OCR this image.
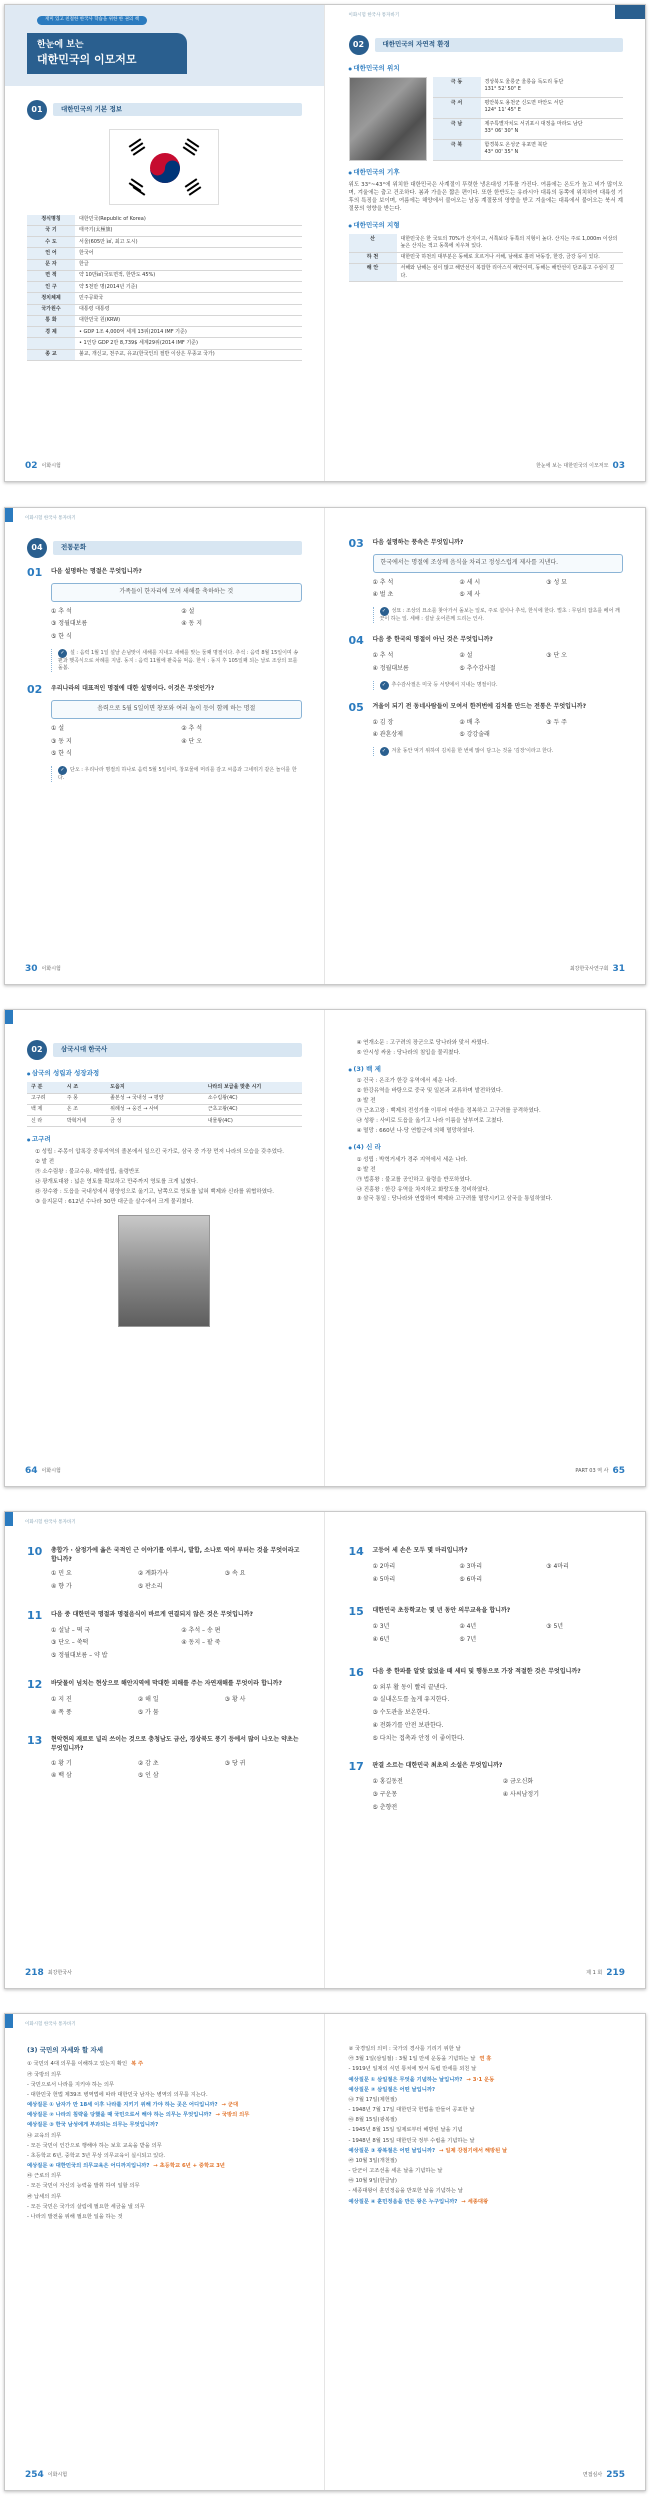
재미 있고 친절한 한국사 학습을 위한 한 권의 책
한눈에 보는
대한민국의 이모저모
01	대한민국의 기본 정보
정식명칭	대한민국(Republic of Korea)
국 기	태극기(太極旗)
수 도	서울(605만 ㎢, 최고 도시)
언 어	한국어
문 자	한글
면 적	약 10만㎢(국토면적, 한반도 45%)
인 구	약 5천만 명(2014년 기준)
정치체제	민주공화국
국가원수	대통령 대통령
통 화	대한민국 원(KRW)
경 제	• GDP 1조 4,000억 세계 13위(2014 IMF 기준)
	• 1인당 GDP 2만 8,739$ 세계29위(2014 IMF 기준)
종 교	불교, 개신교, 천주교, 유교(한국인의 절반 이상은 무종교 국가)
02 이화시험
이화시험 한국사 통자바기
02	대한민국의 자연적 환경
● 대한민국의 위치
극 동	경상북도 울릉군 울릉읍 독도리 동단
131° 52' 50" E
극 서	평안북도 용천군 신도면 마안도 서단
124° 11' 45" E
극 남	제주특별자치도 서귀포시 대정읍 마라도 남단
33° 06' 30" N
극 북	함경북도 온성군 유포면 북단
43° 00' 35" N
● 대한민국의 기후
위도 33°~43°에 위치한 대한민국은 사계절이 뚜렷한 냉온대성 기후를 가진다. 여름에는 온도가 높고 비가 많이오며, 겨울에는 춥고 건조하다. 봄과 가을은 짧은 편이다. 또한 한반도는 유라시아 대륙의 동쪽에 위치하여 대륙성 기후의 특징을 보이며, 여름에는 해양에서 불어오는 남동 계절풍의 영향을 받고 겨울에는 대륙에서 불어오는 북서 계절풍의 영향을 받는다.
● 대한민국의 지형
산	대한민국은 한 국토의 70%가 산지이고, 서쪽보다 동쪽의 지형이 높다. 산지는 주로 1,000m 이상의 높은 산지는 적고 동쪽에 치우쳐 있다.
하 천	대한민국 하천의 대부분은 동해로 흐르거나 서해, 남해로 흘러 낙동강, 한강, 금강 등이 있다.
해 안	서해와 남해는 섬이 많고 해안선이 복잡한 리아스식 해안이며, 동해는 해안선이 단조롭고 수심이 깊다.
한눈에 보는 대한민국의 이모저모 03
이화시험 한국사 통자바기
04	전통문화
01	다음 설명하는 명절은 무엇입니까?
가족들이 한자리에 모여 새해를 축하하는 것
① 추 석	② 설
③ 정월대보름	④ 동 지
⑤ 한 식
✓ 설 : 음력 1월 1일 설날 손님맞이 새해를 지내고 새해를 맞는 둘째 명절이다. 추석 : 음력 8월 15일이며 송편과 햇곡식으로 차례를 지냄. 동지 : 음력 11월에 팥죽을 먹음. 한식 : 동지 후 105일째 되는 날로 조상의 묘를 돌봄.
02	우리나라의 대표적인 명절에 대한 설명이다. 이것은 무엇인가?
음력으로 5월 5일이면 창포와 여러 놀이 등이 함께 하는 명절
① 설	② 추 석
③ 동 지	④ 단 오
⑤ 한 식
✓ 단오 : 우리나라 명절의 하나로 음력 5월 5일이며, 창포물에 머리를 감고 씨름과 그네뛰기 같은 놀이를 한다.
30 이화시험
03	다음 설명하는 풍속은 무엇입니까?
한국에서는 명절에 조상께 음식을 차리고 정성스럽게 제사를 지낸다.
① 추 석	② 세 시	③ 성 묘
④ 벌 초	⑤ 제 사
✓ 성묘 : 조상의 묘소를 찾아가서 돌보는 일로, 주로 설이나 추석, 한식에 한다. 벌초 : 무덤의 잡초를 베어 깨끗이 하는 일. 세배 : 설날 웃어른께 드리는 인사.
04	다음 중 한국의 명절이 아닌 것은 무엇입니까?
① 추 석	② 설	③ 단 오
④ 정월대보름	⑤ 추수감사절
✓ 추수감사절은 미국 등 서양에서 지내는 명절이다.
05	겨울이 되기 전 동네사람들이 모여서 한꺼번에 김치를 만드는 전통은 무엇입니까?
① 김 장	② 배 추	③ 두 주
④ 관혼상제	⑤ 강강술래
✓ 겨울 동안 먹기 위하여 김치를 한 번에 많이 담그는 것을 '김장'이라고 한다.
최강한국사연구회 31
02	삼국시대 한국사
● 삼국의 성립과 성장과정
구 분	시 조	도읍지	나라의 보급을 맞춘 시기
고구려	주 몽	졸본성 → 국내성 → 평양	소수림왕(4C)
백 제	온 조	위례성 → 웅진 → 사비	근초고왕(4C)
신 라	박혁거세	금 성	내물왕(4C)
● 고구려
① 성립 : 주몽이 압록강 중류지역의 졸본에서 일으킨 국가로, 삼국 중 가장 먼저 나라의 모습을 갖추었다.
② 발 전
㉮ 소수림왕 : 불교수용, 태학설립, 율령반포
㉯ 광개토대왕 : 넓은 영토를 확보하고 만주까지 영토를 크게 넓혔다.
㉰ 장수왕 : 도읍을 국내성에서 평양성으로 옮기고, 남쪽으로 영토를 넓혀 백제와 신라를 위협하였다.
③ 을지문덕 : 612년 수나라 30만 대군을 살수에서 크게 물리쳤다.
64 이화시험
④ 연개소문 : 고구려의 장군으로 당나라와 맞서 싸웠다.
⑤ 안시성 싸움 : 당나라의 침입을 물리쳤다.
● (3) 백 제
① 건국 : 온조가 한강 유역에서 세운 나라.
② 한강유역을 바탕으로 중국 및 일본과 교류하며 발전하였다.
③ 발 전
㉮ 근초고왕 : 백제의 전성기를 이루어 마한을 정복하고 고구려를 공격하였다.
㉯ 성왕 : 사비로 도읍을 옮기고 나라 이름을 남부여로 고쳤다.
④ 멸망 : 660년 나·당 연합군에 의해 멸망하였다.
● (4) 신 라
① 성립 : 박혁거세가 경주 지역에서 세운 나라.
② 발 전
㉮ 법흥왕 : 불교를 공인하고 율령을 반포하였다.
㉯ 진흥왕 : 한강 유역을 차지하고 화랑도를 정비하였다.
③ 삼국 통일 : 당나라와 연합하여 백제와 고구려를 멸망시키고 삼국을 통일하였다.
PART 03 역 사 65
이화시험 한국사 통자바기
10	총합가 · 삼정가에 옳은 국적인 근 이야기를 이루시, 발합, 소나로 역어 부터는 것을 무엇이라고 합니까?
① 민 요	② 계화가사	③ 속 요
④ 향 가	⑤ 판소리
11	다음 중 대한민국 명절과 명절음식이 바르게 연결되지 않은 것은 무엇입니까?
① 설날 – 떡 국	② 추석 – 송 편
③ 단오 – 쑥떡	④ 동지 – 팥 죽
⑤ 정월대보름 – 약 밥
12	바닷물이 넘치는 현상으로 해안지역에 막대한 피해를 주는 자연재해를 무엇이라 합니까?
① 지 진	② 해 일	③ 황 사
④ 폭 풍	⑤ 가 뭄
13	현악현의 재료로 널리 쓰이는 것으로 충청남도 금산, 경상북도 풍기 등에서 많이 나오는 약초는 무엇입니까?
① 황 기	② 감 초	③ 당 귀
④ 백 삼	⑤ 인 삼
218 최강한국사
14	고등어 세 손은 모두 몇 마리입니까?
① 2마리	② 3마리	③ 4마리
④ 5마리	⑤ 6마리
15	대한민국 초등학교는 몇 년 동안 의무교육을 합니까?
① 3년	② 4년	③ 5년
④ 6년	⑤ 7년
16	다음 중 한파를 알맞 없었을 때 세티 및 행동으로 가장 적절한 것은 무엇입니까?
① 외부 활 동이 빨리 끝낸다.
② 실내온도를 높게 유지한다.
③ 수도관을 보온한다.
④ 전화기를 안전 보관한다.
⑤ 다치는 접촉과 안정 이 좋이한다.
17	판결 소르는 대한민국 최초의 소설은 무엇입니까?
① 홍길동전	② 금오신화
③ 구운몽	④ 사씨남정기
⑤ 춘향전
제 1 회 219
이화시험 한국사 통자바기
(3) 국민의 자세와 할 자세
① 국민의 4대 의무를 이해하고 있는지 확인 복 주
㉮ 국방의 의무
- 국민으로서 나라를 지키야 하는 의무
- 대한민국 헌법 제39조 병역법에 따라 대한민국 남자는 병역의 의무를 지는다.
예상질문 ① 남자가 만 18세 이후 나라를 지키기 위해 가야 하는 곳은 어디입니까? → 군대
예상질문 ② 나라의 침략을 당했을 때 국민으로서 해야 하는 의무는 무엇입니까? → 국방의 의무
예상질문 ③ 한국 남성에게 부과되는 의무는 무엇입니까?
㉯ 교육의 의무
- 모든 국민이 인간으로 행해야 하는 보호 교육을 받을 의무
- 초등학교 6년, 중학교 3년 무상 의무교육이 실시되고 있다.
예상질문 ④ 대한민국의 의무교육은 어디까지입니까? → 초등학교 6년 + 중학교 3년
㉰ 근로의 의무
- 모든 국민이 자신의 능력을 발휘 하여 일할 의무
㉱ 납세의 의무
- 모든 국민은 국가의 살림에 필요한 세금을 낼 의무
- 나라의 발전을 위해 필요한 일을 하는 것
254 이화시험
② 국경일의 의미 : 국가의 경사를 기리기 위한 날
㉮ 3월 1일(삼일절) : 3월 1일 만세 운동을 기념하는 날 연 휴
- 1919년 일제의 식민 통치에 맞서 독립 만세를 외친 날
예상질문 ① 삼일절은 무엇을 기념하는 날입니까? → 3·1 운동
예상질문 ② 삼일절은 어떤 날입니까?
㉯ 7월 17일(제헌절)
- 1948년 7월 17일 대한민국 헌법을 만들어 공포한 날
㉰ 8월 15일(광복절)
- 1945년 8월 15일 일제로부터 해방된 날을 기념
- 1948년 8월 15일 대한민국 정부 수립을 기념하는 날
예상질문 ③ 광복절은 어떤 날입니까? → 일제 강점기에서 해방된 날
㉱ 10월 3일(개천절)
- 단군이 고조선을 세운 날을 기념하는 날
㉲ 10월 9일(한글날)
- 세종대왕이 훈민정음을 반포한 날을 기념하는 날
예상질문 ④ 훈민정음을 만든 왕은 누구입니까? → 세종대왕
면접심사 255
